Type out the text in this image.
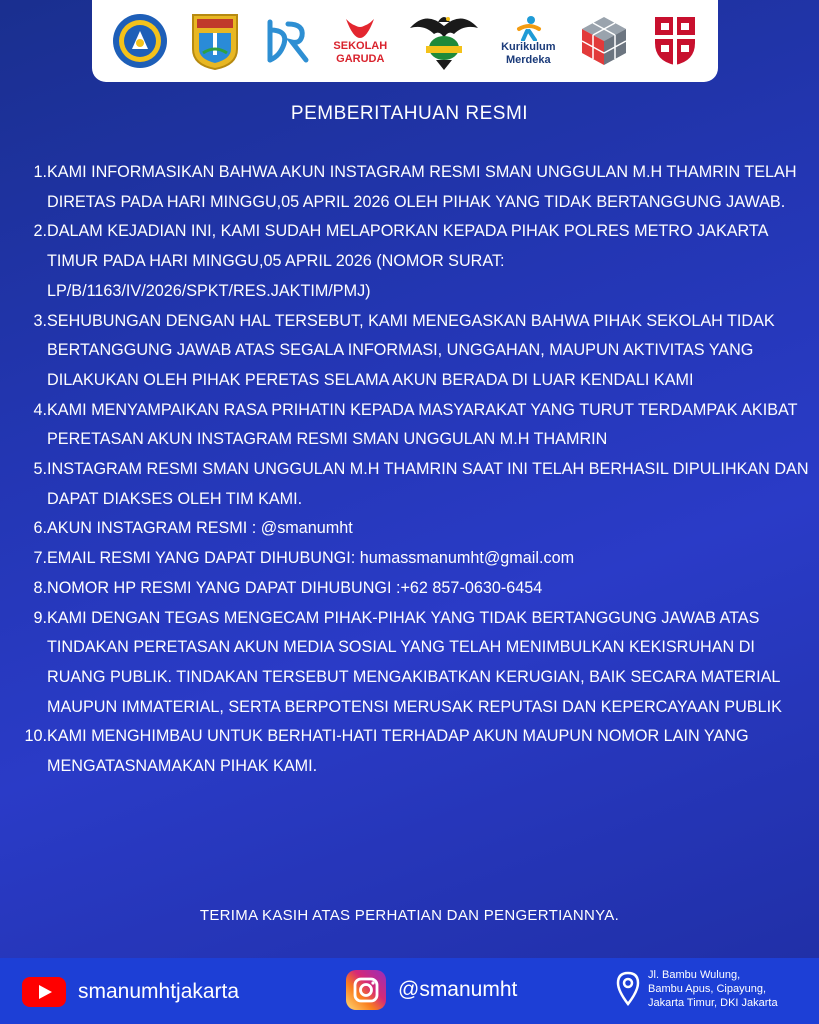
SEKOLAH
GARUDA
Kurikulum
Merdeka
PEMBERITAHUAN RESMI
1. KAMI INFORMASIKAN BAHWA AKUN INSTAGRAM RESMI SMAN UNGGULAN M.H THAMRIN TELAH DIRETAS PADA HARI MINGGU,05 APRIL 2026 OLEH PIHAK YANG TIDAK BERTANGGUNG JAWAB.
2. DALAM KEJADIAN INI, KAMI SUDAH MELAPORKAN KEPADA PIHAK POLRES METRO JAKARTA TIMUR PADA HARI MINGGU,05 APRIL 2026 (NOMOR SURAT: LP/B/1163/IV/2026/SPKT/RES.JAKTIM/PMJ)
3. SEHUBUNGAN DENGAN HAL TERSEBUT, KAMI MENEGASKAN BAHWA PIHAK SEKOLAH TIDAK BERTANGGUNG JAWAB ATAS SEGALA INFORMASI, UNGGAHAN, MAUPUN AKTIVITAS YANG DILAKUKAN OLEH PIHAK PERETAS SELAMA AKUN BERADA DI LUAR KENDALI KAMI
4. KAMI MENYAMPAIKAN RASA PRIHATIN KEPADA MASYARAKAT YANG TURUT TERDAMPAK AKIBAT PERETASAN AKUN INSTAGRAM RESMI SMAN UNGGULAN M.H THAMRIN
5. INSTAGRAM RESMI SMAN UNGGULAN M.H THAMRIN SAAT INI TELAH BERHASIL DIPULIHKAN DAN DAPAT DIAKSES OLEH TIM KAMI.
6. AKUN INSTAGRAM RESMI : @smanumht
7. EMAIL RESMI YANG DAPAT DIHUBUNGI: humassmanumht@gmail.com
8. NOMOR HP RESMI YANG DAPAT DIHUBUNGI :+62 857-0630-6454
9. KAMI DENGAN TEGAS MENGECAM PIHAK-PIHAK YANG TIDAK BERTANGGUNG JAWAB ATAS TINDAKAN PERETASAN AKUN MEDIA SOSIAL YANG TELAH MENIMBULKAN KEKISRUHAN DI RUANG PUBLIK. TINDAKAN TERSEBUT MENGAKIBATKAN KERUGIAN, BAIK SECARA MATERIAL MAUPUN IMMATERIAL, SERTA BERPOTENSI MERUSAK REPUTASI DAN KEPERCAYAAN PUBLIK
10. KAMI MENGHIMBAU UNTUK BERHATI-HATI TERHADAP AKUN MAUPUN NOMOR LAIN YANG MENGATASNAMAKAN PIHAK KAMI.
TERIMA KASIH ATAS PERHATIAN DAN PENGERTIANNYA.
smanumhtjakarta	@smanumht
Jl. Bambu Wulung,
Bambu Apus, Cipayung,
Jakarta Timur, DKI Jakarta
